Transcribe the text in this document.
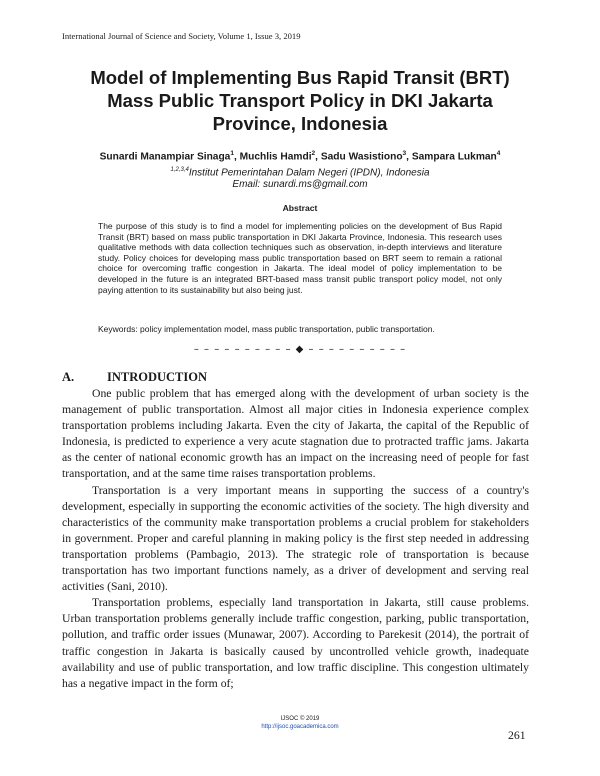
International Journal of Science and Society, Volume 1, Issue 3, 2019
Model of Implementing Bus Rapid Transit (BRT)
Mass Public Transport Policy in DKI Jakarta
Province, Indonesia
Sunardi Manampiar Sinaga$^1$, Muchlis Hamdi$^2$, Sadu Wasistiono$^3$, Sampara Lukman$^4$
$^{1,2,3,4}$Institut Pemerintahan Dalam Negeri (IPDN), Indonesia
Email: sunardi.ms@gmail.com
Abstract

The purpose of this study is to find a model for implementing policies on the development of Bus Rapid Transit (BRT) based on mass public transportation in DKI Jakarta Province, Indonesia. This research uses qualitative methods with data collection techniques such as observation, in-depth interviews and literature study. Policy choices for developing mass public transportation based on BRT seem to remain a rational choice for overcoming traffic congestion in Jakarta. The ideal model of policy implementation to be developed in the future is an integrated BRT-based mass transit public transport policy model, not only paying attention to its sustainability but also being just.

Keywords: policy implementation model, mass public transportation, public transportation.
– – – – – – – – – – ◆ – – – – – – – – – –
A.	INTRODUCTION

One public problem that has emerged along with the development of urban society is the management of public transportation. Almost all major cities in Indonesia experience complex transportation problems including Jakarta. Even the city of Jakarta, the capital of the Republic of Indonesia, is predicted to experience a very acute stagnation due to protracted traffic jams. Jakarta as the center of national economic growth has an impact on the increasing need of people for fast transportation, and at the same time raises transportation problems.

Transportation is a very important means in supporting the success of a country's development, especially in supporting the economic activities of the society. The high diversity and characteristics of the community make transportation problems a crucial problem for stakeholders in government. Proper and careful planning in making policy is the first step needed in addressing transportation problems (Pambagio, 2013). The strategic role of transportation is because transportation has two important functions namely, as a driver of development and serving real activities (Sani, 2010).

Transportation problems, especially land transportation in Jakarta, still cause problems. Urban transportation problems generally include traffic congestion, parking, public transportation, pollution, and traffic order issues (Munawar, 2007). According to Parekesit (2014), the portrait of traffic congestion in Jakarta is basically caused by uncontrolled vehicle growth, inadequate availability and use of public transportation, and low traffic discipline. This congestion ultimately has a negative impact in the form of;

IJSOC © 2019
http://ijsoc.goacademica.com
261
